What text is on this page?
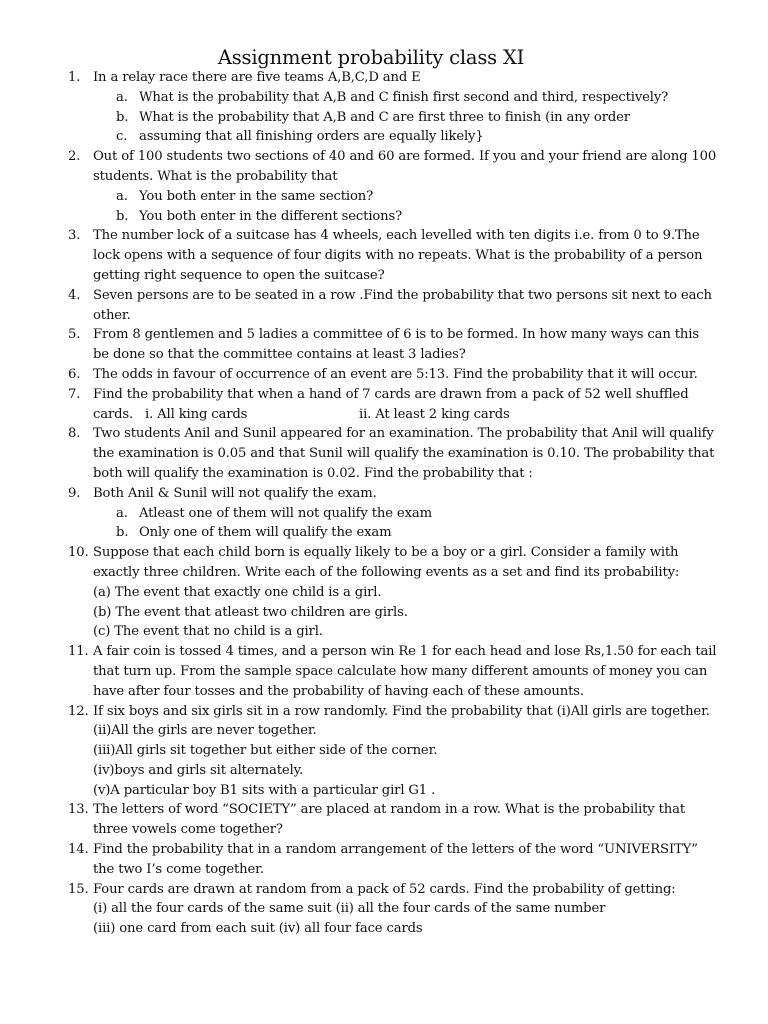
Assignment probability class XI
1. In a relay race there are five teams A,B,C,D and E
a. What is the probability that A,B and C finish first second and third, respectively?
b. What is the probability that A,B and C are first three to finish (in any order
c. assuming that all finishing orders are equally likely}
2. Out of 100 students two sections of 40 and 60 are formed. If you and your friend are along 100 students. What is the probability that
a. You both enter in the same section?
b. You both enter in the different sections?
3. The number lock of a suitcase has 4 wheels, each levelled with ten digits i.e. from 0 to 9.The lock opens with a sequence of four digits with no repeats. What is the probability of a person getting right sequence to open the suitcase?
4. Seven persons are to be seated in a row .Find the probability that two persons sit next to each other.
5. From 8 gentlemen and 5 ladies a committee of 6 is to be formed. In how many ways can this be done so that the committee contains at least 3 ladies?
6. The odds in favour of occurrence of an event are 5:13. Find the probability that it will occur.
7. Find the probability that when a hand of 7 cards are drawn from a pack of 52 well shuffled
cards. i. All king cards	ii. At least 2 king cards
8. Two students Anil and Sunil appeared for an examination. The probability that Anil will qualify the examination is 0.05 and that Sunil will qualify the examination is 0.10. The probability that both will qualify the examination is 0.02. Find the probability that :
9. Both Anil & Sunil will not qualify the exam.
a. Atleast one of them will not qualify the exam
b. Only one of them will qualify the exam
10. Suppose that each child born is equally likely to be a boy or a girl. Consider a family with exactly three children. Write each of the following events as a set and find its probability:
(a) The event that exactly one child is a girl.
(b) The event that atleast two children are girls.
(c) The event that no child is a girl.
11. A fair coin is tossed 4 times, and a person win Re 1 for each head and lose Rs,1.50 for each tail that turn up. From the sample space calculate how many different amounts of money you can have after four tosses and the probability of having each of these amounts.
12. If six boys and six girls sit in a row randomly. Find the probability that (i)All girls are together.
(ii)All the girls are never together.
(iii)All girls sit together but either side of the corner.
(iv)boys and girls sit alternately.
(v)A particular boy B1 sits with a particular girl G1 .
13. The letters of word “SOCIETY” are placed at random in a row. What is the probability that three vowels come together?
14. Find the probability that in a random arrangement of the letters of the word “UNIVERSITY” the two I’s come together.
15. Four cards are drawn at random from a pack of 52 cards. Find the probability of getting:
(i) all the four cards of the same suit (ii) all the four cards of the same number
(iii) one card from each suit (iv) all four face cards
